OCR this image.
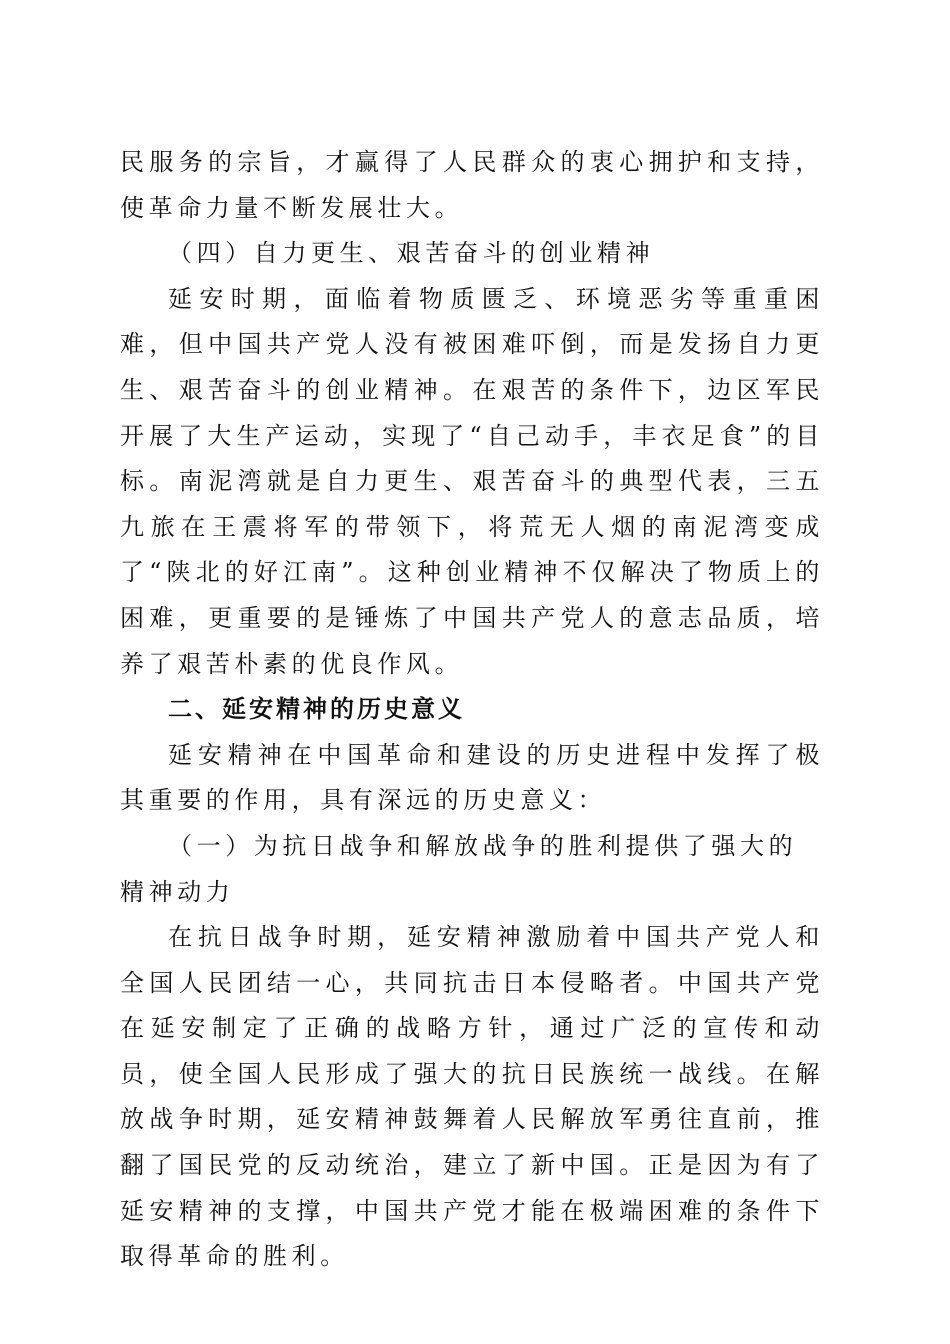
民服务的宗旨，才赢得了人民群众的衷心拥护和支持，使革命力量不断发展壮大。

（四）自力更生、艰苦奋斗的创业精神

延安时期，面临着物质匮乏、环境恶劣等重重困难，但中国共产党人没有被困难吓倒，而是发扬自力更生、艰苦奋斗的创业精神。在艰苦的条件下，边区军民开展了大生产运动，实现了“自己动手，丰衣足食”的目标。南泥湾就是自力更生、艰苦奋斗的典型代表，三五九旅在王震将军的带领下，将荒无人烟的南泥湾变成了“陕北的好江南”。这种创业精神不仅解决了物质上的困难，更重要的是锤炼了中国共产党人的意志品质，培养了艰苦朴素的优良作风。

二、延安精神的历史意义

延安精神在中国革命和建设的历史进程中发挥了极其重要的作用，具有深远的历史意义：

（一）为抗日战争和解放战争的胜利提供了强大的精神动力

在抗日战争时期，延安精神激励着中国共产党人和全国人民团结一心，共同抗击日本侵略者。中国共产党在延安制定了正确的战略方针，通过广泛的宣传和动员，使全国人民形成了强大的抗日民族统一战线。在解放战争时期，延安精神鼓舞着人民解放军勇往直前，推翻了国民党的反动统治，建立了新中国。正是因为有了延安精神的支撑，中国共产党才能在极端困难的条件下取得革命的胜利。
